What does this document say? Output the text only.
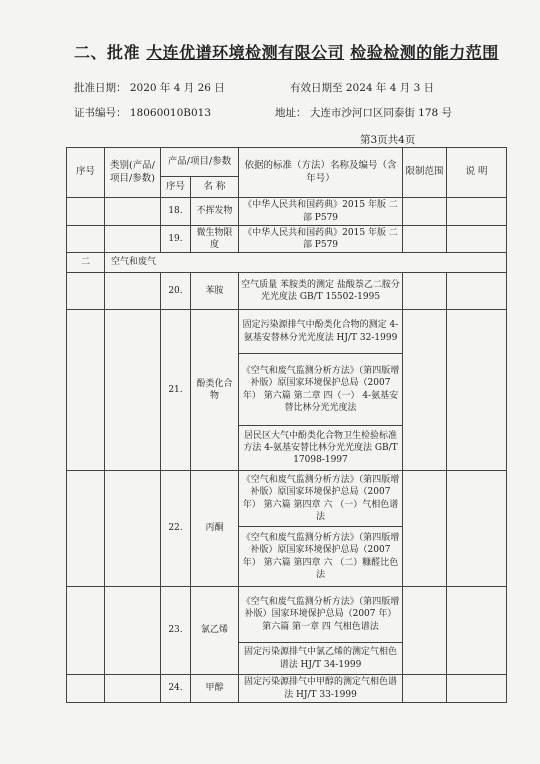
二、批准 大连优谱环境检测有限公司 检验检测的能力范围
批准日期： 2020 年 4 月 26 日	有效日期至 2024 年 4 月 3 日
证书编号： 18060010B013	地址： 大连市沙河口区同泰街 178 号
第3页共4页
序号	类别(产品/项目/参数)	产品/项目/参数		依据的标准（方法）名称及编号（含年号）	限制范围	说 明
		序号	名 称			
		18.	不挥发物	《中华人民共和国药典》2015 年版 二部 P579		
		19.	微生物限度	《中华人民共和国药典》2015 年版 二部 P579		
二	空气和废气					
		20.	苯胺	空气质量 苯胺类的测定 盐酸萘乙二胺分光光度法 GB/T 15502-1995		
		21.	酚类化合物	固定污染源排气中酚类化合物的测定 4-氨基安替林分光光度法 HJ/T 32-1999		
				《空气和废气监测分析方法》（第四版增补版）原国家环境保护总局（2007 年） 第六篇 第二章 四（一） 4-氨基安替比林分光光度法		
				居民区大气中酚类化合物卫生检验标准方法 4-氨基安替比林分光光度法 GB/T 17098-1997		
		22.	丙酮	《空气和废气监测分析方法》（第四版增补版）原国家环境保护总局（2007 年） 第六篇 第四章 六 （一）气相色谱法		
				《空气和废气监测分析方法》（第四版增补版）原国家环境保护总局（2007 年） 第六篇 第四章 六 （二）糠醛比色法		
		23.	氯乙烯	《空气和废气监测分析方法》（第四版增补版）国家环境保护总局（2007 年） 第六篇 第一章 四 气相色谱法		
				固定污染源排气中氯乙烯的测定气相色谱法 HJ/T 34-1999		
		24.	甲醇	固定污染源排气中甲醇的测定气相色谱法 HJ/T 33-1999		
